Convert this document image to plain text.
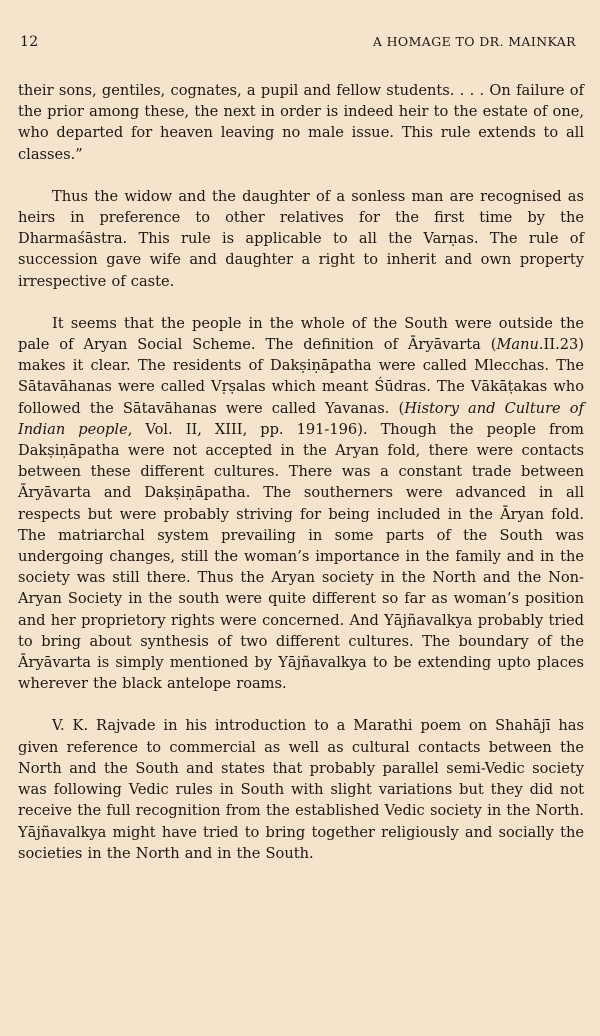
12	A HOMAGE TO DR. MAINKAR

their sons, gentiles, cognates, a pupil and fellow students. . . . On failure of the prior among these, the next in order is indeed heir to the estate of one, who departed for heaven leaving no male issue. This rule extends to all classes.”

Thus the widow and the daughter of a sonless man are recognised as heirs in preference to other relatives for the first time by the Dharmaśāstra. This rule is applicable to all the Varṇas. The rule of succession gave wife and daughter a right to inherit and own property irrespective of caste.

It seems that the people in the whole of the South were outside the pale of Aryan Social Scheme. The definition of Āryāvarta (Manu.II.23) makes it clear. The residents of Dakṣiṇāpatha were called Mlecchas. The Sātavāhanas were called Vṛṣalas which meant Śūdras. The Vākāṭakas who followed the Sātavāhanas were called Yavanas. (History and Culture of Indian people, Vol. II, XIII, pp. 191-196). Though the people from Dakṣiṇāpatha were not accepted in the Aryan fold, there were contacts between these different cultures. There was a constant trade between Āryāvarta and Dakṣiṇāpatha. The southerners were advanced in all respects but were probably striving for being included in the Āryan fold. The matriarchal system prevailing in some parts of the South was undergoing changes, still the woman’s importance in the family and in the society was still there. Thus the Aryan society in the North and the Non-Aryan Society in the south were quite different so far as woman’s position and her proprietory rights were concerned. And Yājñavalkya probably tried to bring about synthesis of two different cultures. The boundary of the Āryāvarta is simply mentioned by Yājñavalkya to be extending upto places wherever the black antelope roams.

V. K. Rajvade in his introduction to a Marathi poem on Shahājī has given reference to commercial as well as cultural contacts between the North and the South and states that probably parallel semi-Vedic society was following Vedic rules in South with slight variations but they did not receive the full recognition from the established Vedic society in the North. Yājñavalkya might have tried to bring together religiously and socially the societies in the North and in the South.
